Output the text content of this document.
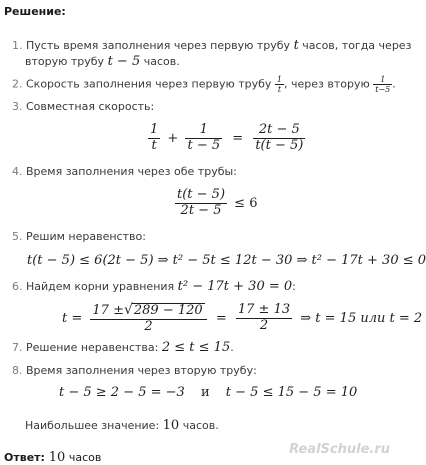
Решение:
1. Пусть время заполнения через первую трубу t часов, тогда через
вторую трубу t − 5 часов.
2. Скорость заполнения через первую трубу $\frac{1}{t}$ , через вторую $\frac{1}{t-5}$ .
3. Совместная скорость:
$\frac{1}{t} + \frac{1}{t - 5} = \frac{2t - 5}{t(t - 5)}$
4. Время заполнения через обе трубы:
$\frac{t(t - 5)}{2t - 5} \le 6$
5. Решим неравенство:
t(t − 5) ≤ 6(2t − 5) ⇒ t² − 5t ≤ 12t − 30 ⇒ t² − 17t + 30 ≤ 0
6. Найдем корни уравнения t² − 17t + 30 = 0:
$t = \frac{17 \pm√289 - 120}{2} = \frac{17 \pm 13}{2}$ ⇒ t = 15 или t = 2
7. Решение неравенства: 2 ≤ t ≤ 15.
8. Время заполнения через вторую трубу:
t − 5 ≥ 2 − 5 = −3 и t − 5 ≤ 15 − 5 = 10
Наибольшее значение: 10 часов.
RealSchule.ru
Ответ: 10 часов
